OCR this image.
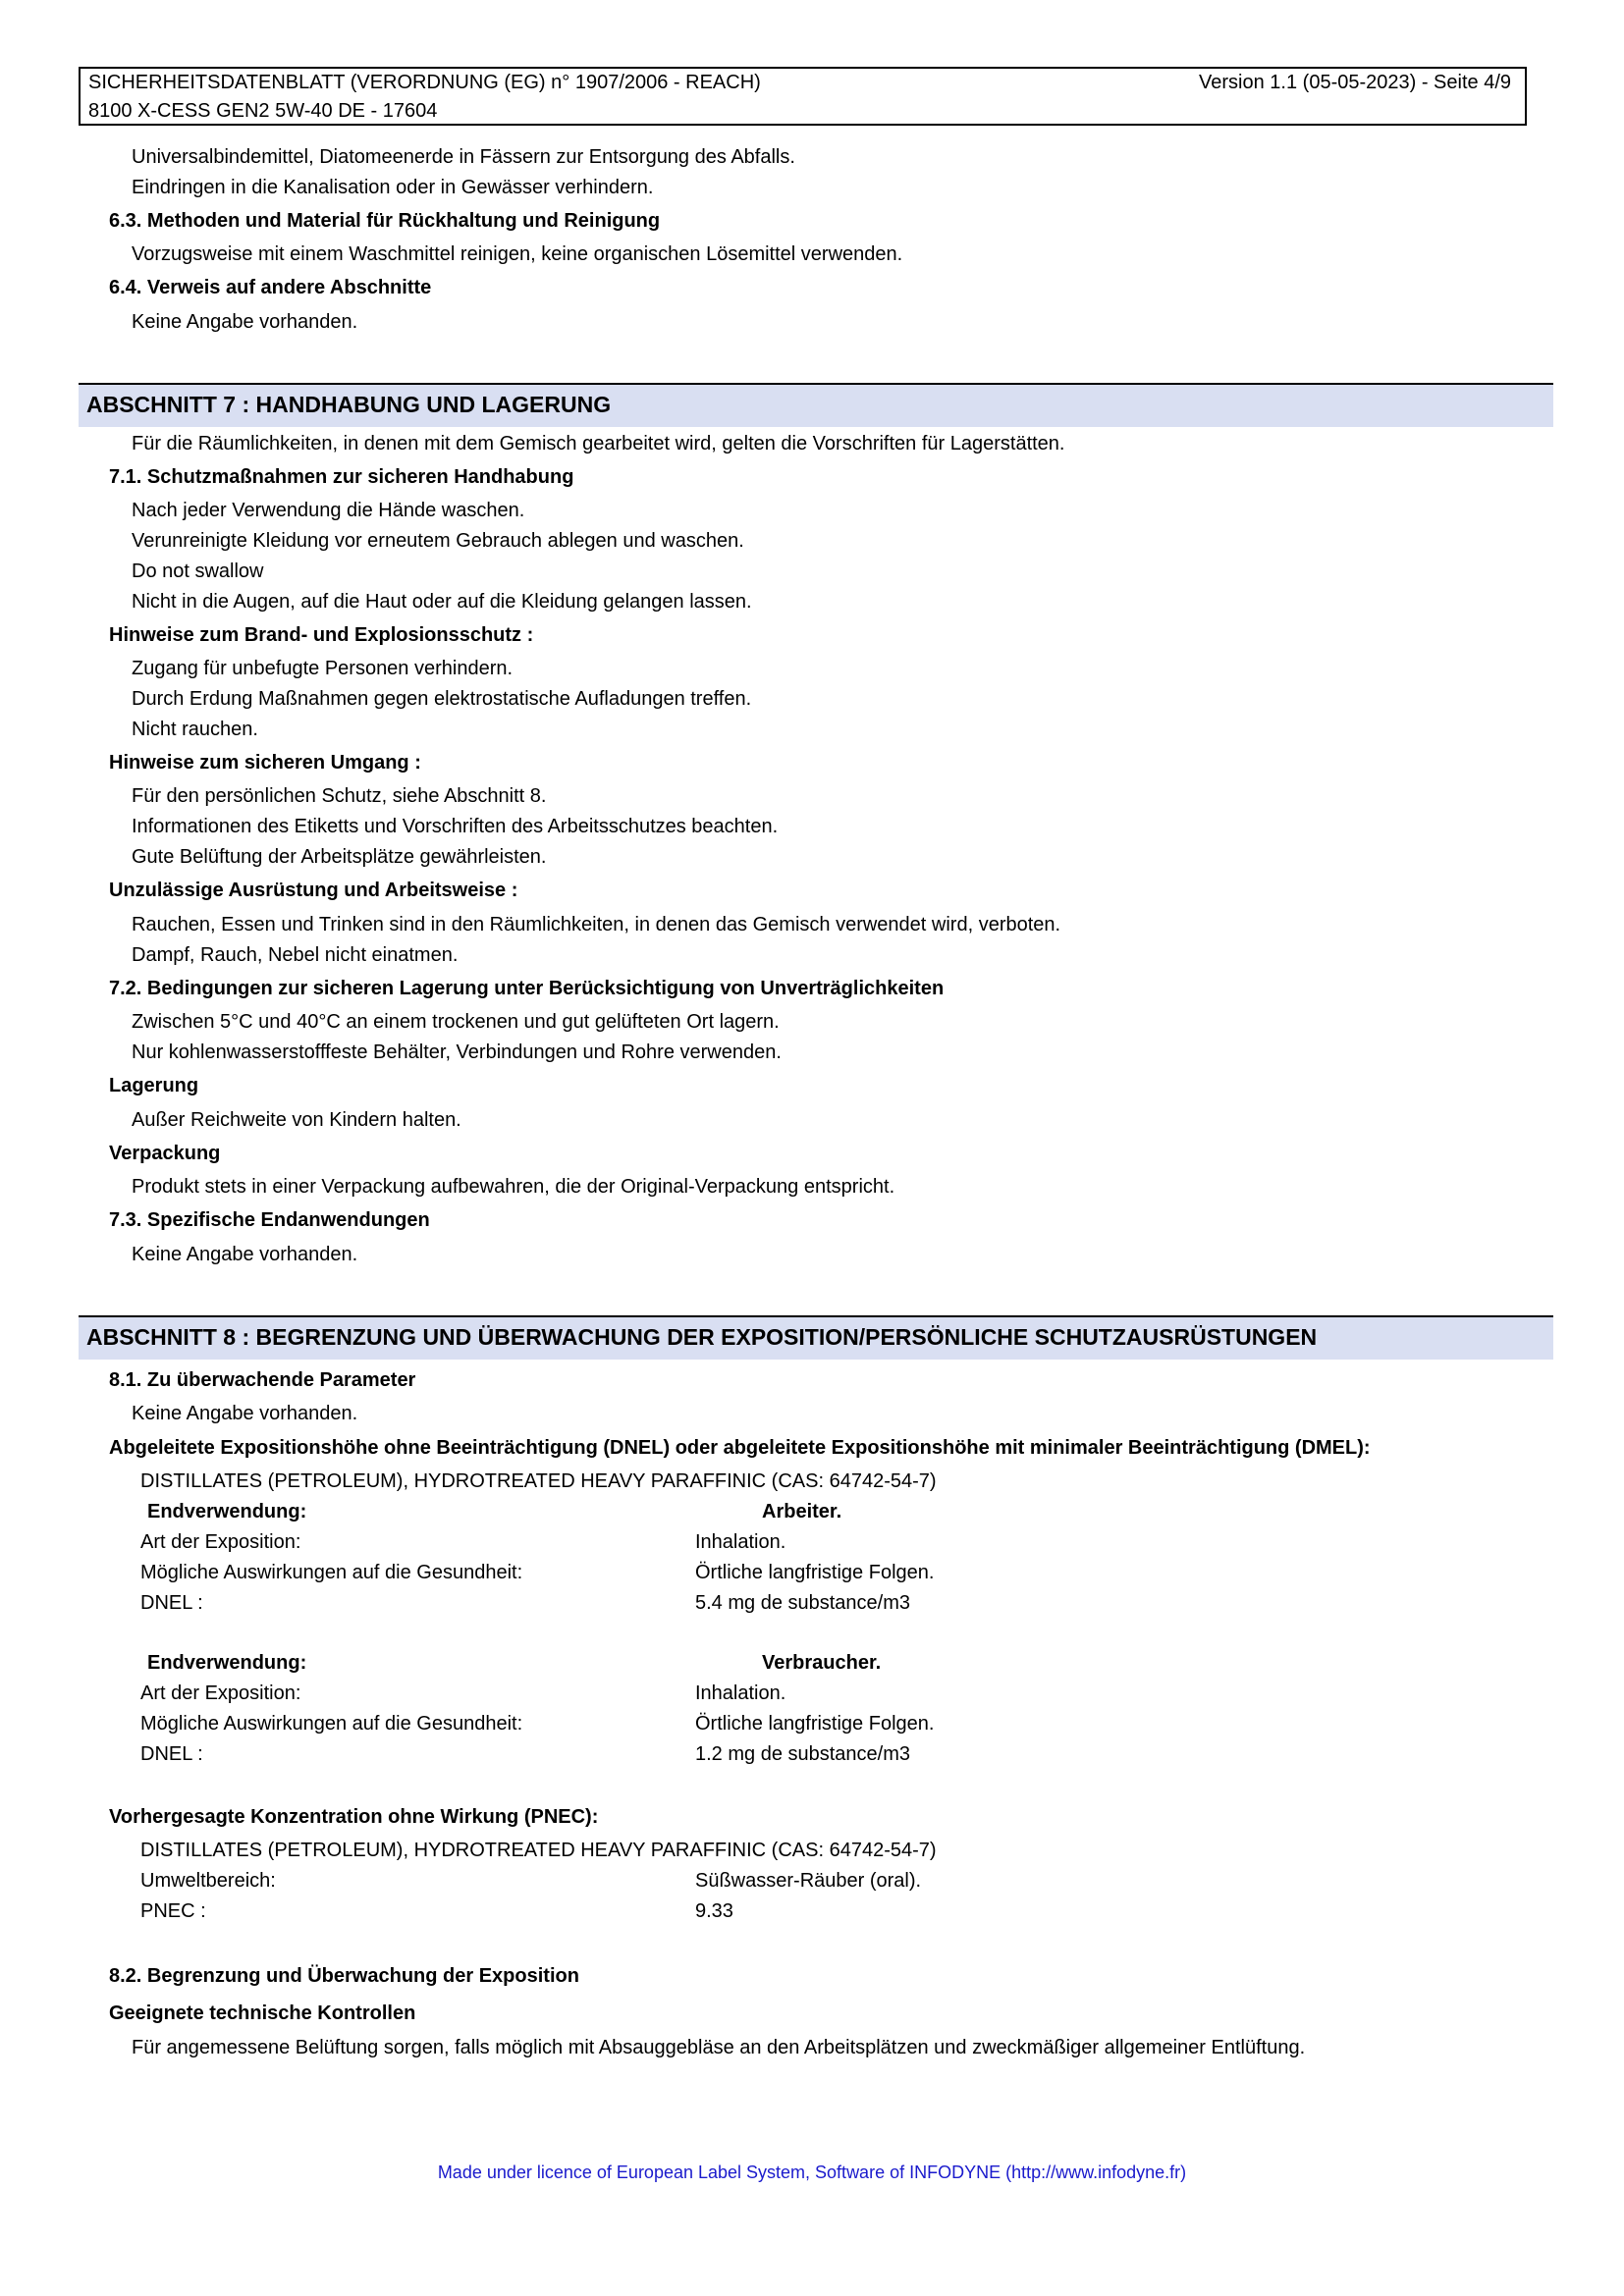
SICHERHEITSDATENBLATT (VERORDNUNG (EG) n° 1907/2006 - REACH)
8100 X-CESS GEN2 5W-40 DE - 17604
Version 1.1 (05-05-2023) - Seite 4/9
Universalbindemittel, Diatomeenerde in Fässern zur Entsorgung des Abfalls.
Eindringen in die Kanalisation oder in Gewässer verhindern.
6.3. Methoden und Material für Rückhaltung und Reinigung
Vorzugsweise mit einem Waschmittel reinigen, keine organischen Lösemittel verwenden.
6.4. Verweis auf andere Abschnitte
Keine Angabe vorhanden.
ABSCHNITT 7 : HANDHABUNG UND LAGERUNG
Für die Räumlichkeiten, in denen mit dem Gemisch gearbeitet wird, gelten die Vorschriften für Lagerstätten.
7.1. Schutzmaßnahmen zur sicheren Handhabung
Nach jeder Verwendung die Hände waschen.
Verunreinigte Kleidung vor erneutem Gebrauch ablegen und waschen.
Do not swallow
Nicht in die Augen, auf die Haut oder auf die Kleidung gelangen lassen.
Hinweise zum Brand- und Explosionsschutz :
Zugang für unbefugte Personen verhindern.
Durch Erdung Maßnahmen gegen elektrostatische Aufladungen treffen.
Nicht rauchen.
Hinweise zum sicheren Umgang :
Für den persönlichen Schutz, siehe Abschnitt 8.
Informationen des Etiketts und Vorschriften des Arbeitsschutzes beachten.
Gute Belüftung der Arbeitsplätze gewährleisten.
Unzulässige Ausrüstung und Arbeitsweise :
Rauchen, Essen und Trinken sind in den Räumlichkeiten, in denen das Gemisch verwendet wird, verboten.
Dampf, Rauch, Nebel nicht einatmen.
7.2. Bedingungen zur sicheren Lagerung unter Berücksichtigung von Unverträglichkeiten
Zwischen 5°C und 40°C an einem trockenen und gut gelüfteten Ort lagern.
Nur kohlenwasserstofffeste Behälter, Verbindungen und Rohre verwenden.
Lagerung
Außer Reichweite von Kindern halten.
Verpackung
Produkt stets in einer Verpackung aufbewahren, die der Original-Verpackung entspricht.
7.3. Spezifische Endanwendungen
Keine Angabe vorhanden.
ABSCHNITT 8 : BEGRENZUNG UND ÜBERWACHUNG DER EXPOSITION/PERSÖNLICHE SCHUTZAUSRÜSTUNGEN
8.1. Zu überwachende Parameter
Keine Angabe vorhanden.
Abgeleitete Expositionshöhe ohne Beeinträchtigung (DNEL) oder abgeleitete Expositionshöhe mit minimaler Beeinträchtigung (DMEL):
DISTILLATES (PETROLEUM), HYDROTREATED HEAVY PARAFFINIC (CAS: 64742-54-7)
Endverwendung:	Arbeiter.
Art der Exposition:	Inhalation.
Mögliche Auswirkungen auf die Gesundheit:	Örtliche langfristige Folgen.
DNEL :	5.4 mg de substance/m3
Endverwendung:	Verbraucher.
Art der Exposition:	Inhalation.
Mögliche Auswirkungen auf die Gesundheit:	Örtliche langfristige Folgen.
DNEL :	1.2 mg de substance/m3
Vorhergesagte Konzentration ohne Wirkung (PNEC):
DISTILLATES (PETROLEUM), HYDROTREATED HEAVY PARAFFINIC (CAS: 64742-54-7)
Umweltbereich:	Süßwasser-Räuber (oral).
PNEC :	9.33
8.2. Begrenzung und Überwachung der Exposition
Geeignete technische Kontrollen
Für angemessene Belüftung sorgen, falls möglich mit Absauggebläse an den Arbeitsplätzen und zweckmäßiger allgemeiner Entlüftung.
Made under licence of European Label System, Software of INFODYNE (http://www.infodyne.fr)
